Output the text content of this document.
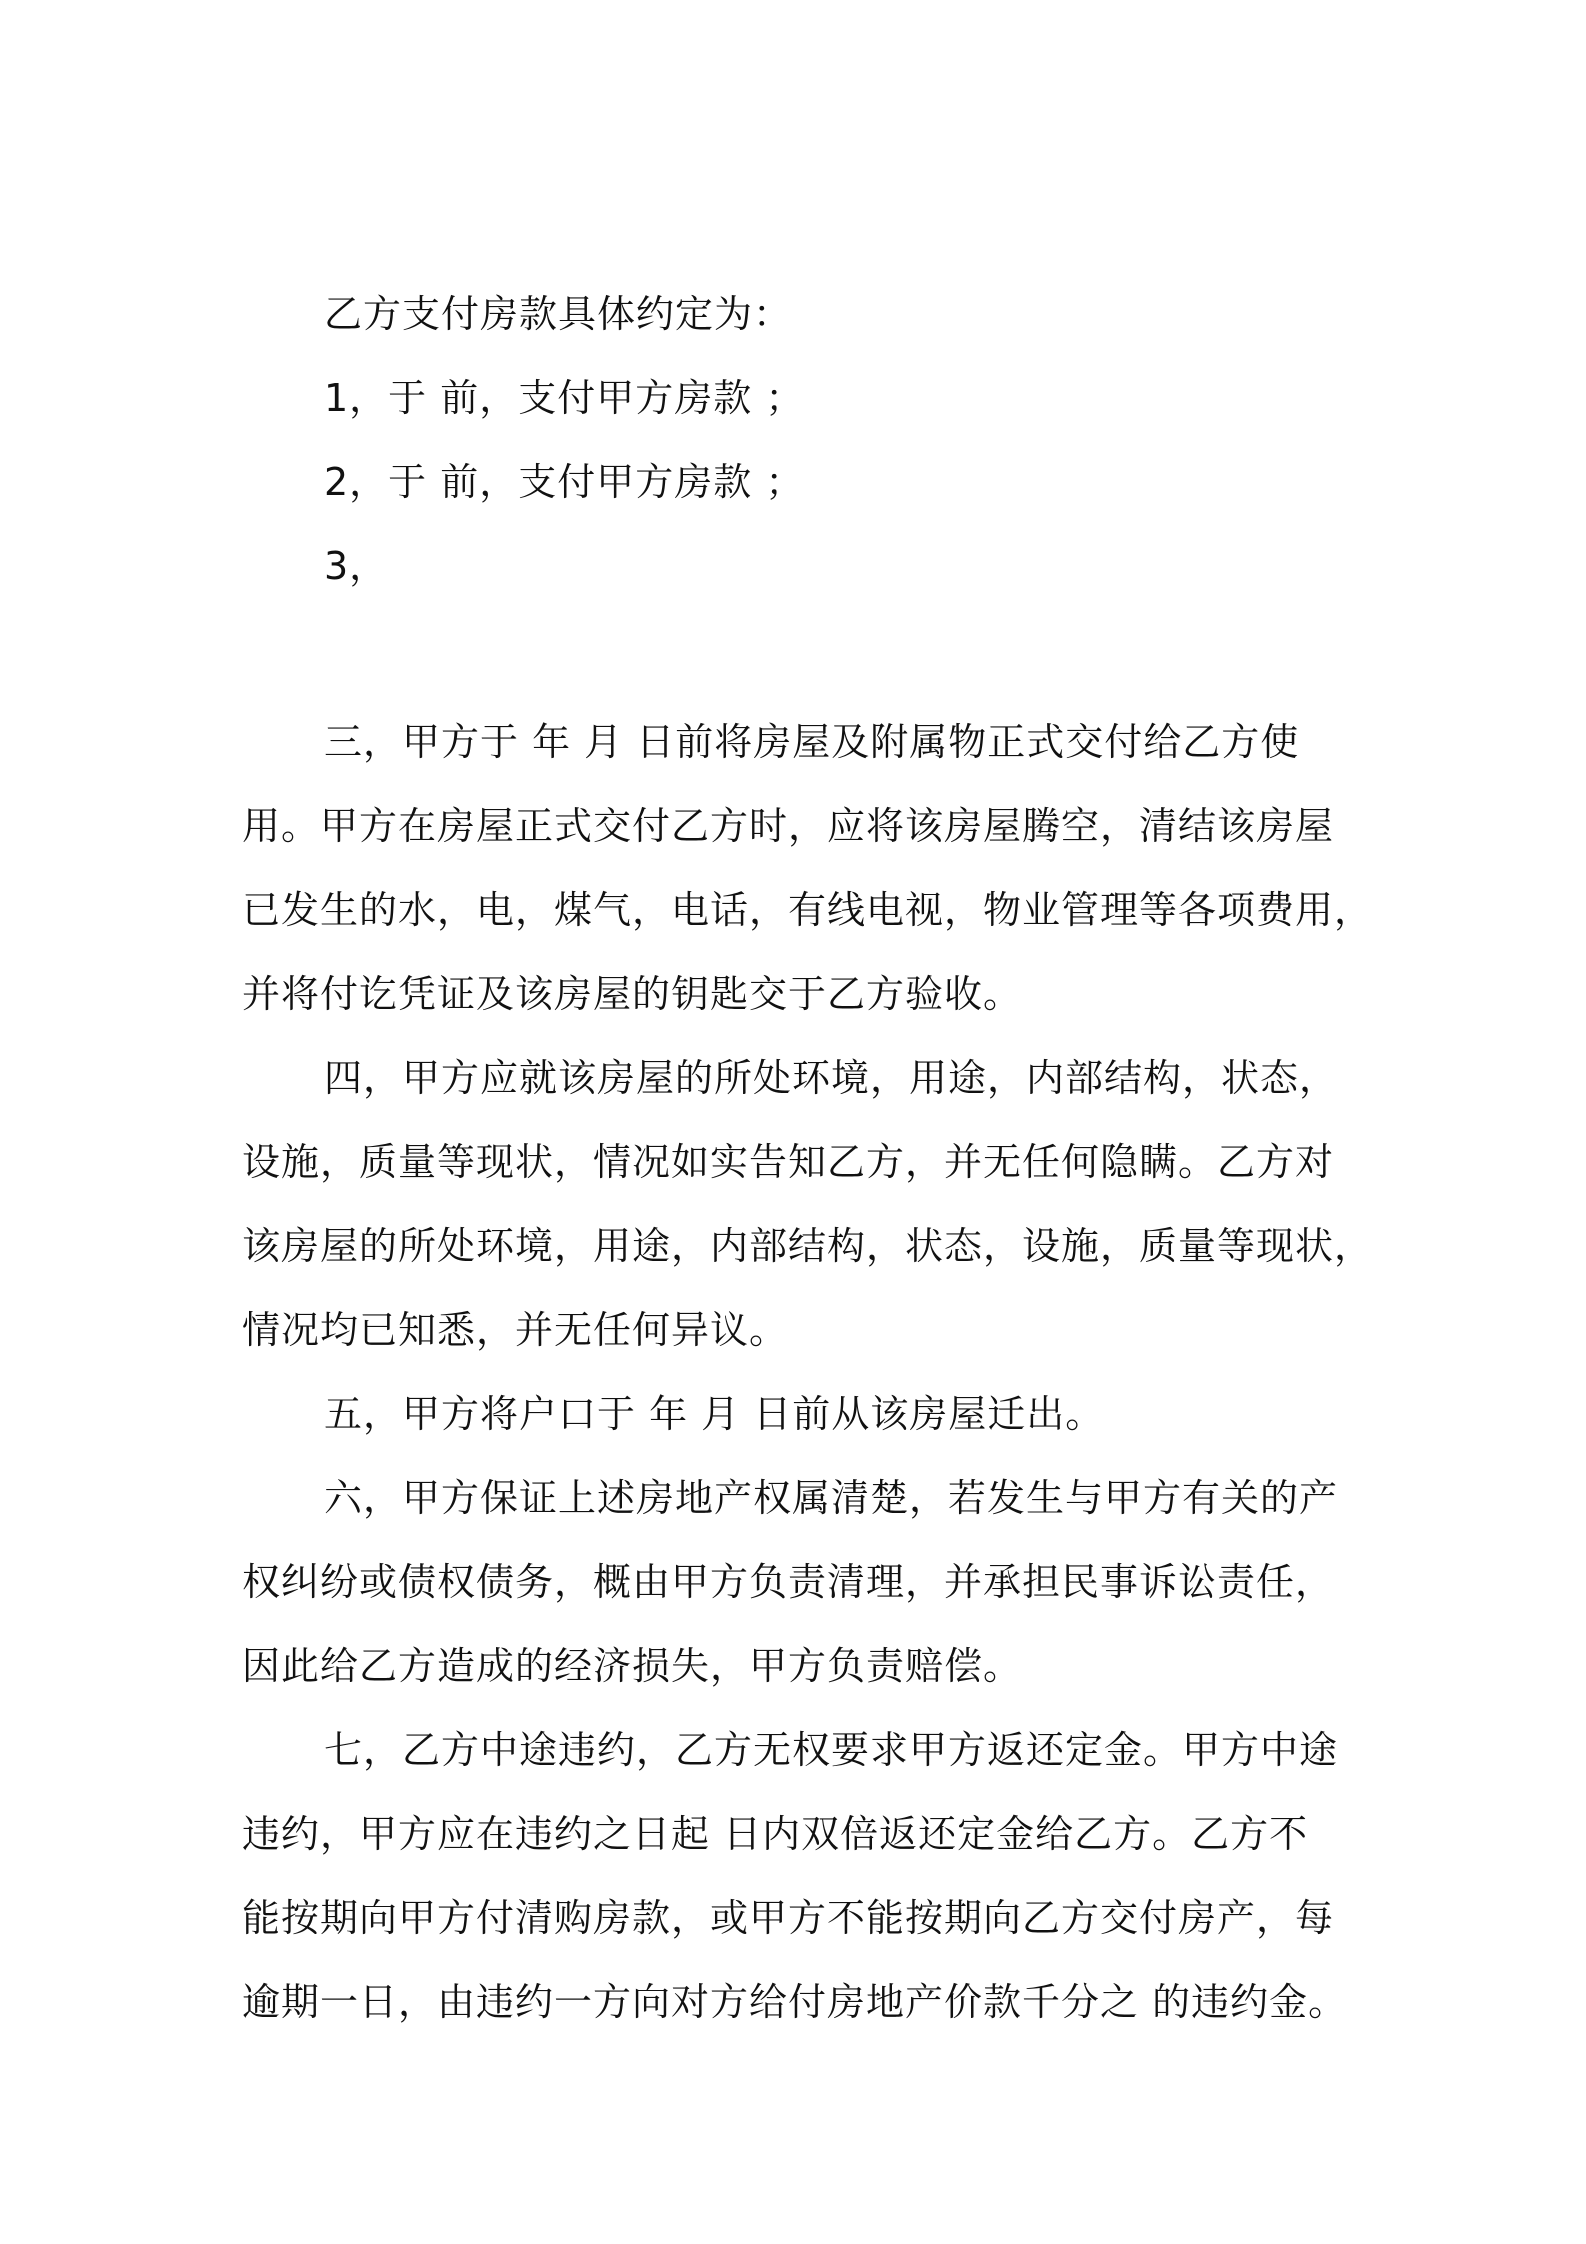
乙方支付房款具体约定为：
1，于 前，支付甲方房款 ；
2，于 前，支付甲方房款 ；
3，
三，甲方于 年 月 日前将房屋及附属物正式交付给乙方使
用。甲方在房屋正式交付乙方时，应将该房屋腾空，清结该房屋
已发生的水，电，煤气，电话，有线电视，物业管理等各项费用，
并将付讫凭证及该房屋的钥匙交于乙方验收。
四，甲方应就该房屋的所处环境，用途，内部结构，状态，
设施，质量等现状，情况如实告知乙方，并无任何隐瞒。乙方对
该房屋的所处环境，用途，内部结构，状态，设施，质量等现状，
情况均已知悉，并无任何异议。
五，甲方将户口于 年 月 日前从该房屋迁出。
六，甲方保证上述房地产权属清楚，若发生与甲方有关的产
权纠纷或债权债务，概由甲方负责清理，并承担民事诉讼责任，
因此给乙方造成的经济损失，甲方负责赔偿。
七，乙方中途违约，乙方无权要求甲方返还定金。甲方中途
违约，甲方应在违约之日起 日内双倍返还定金给乙方。乙方不
能按期向甲方付清购房款，或甲方不能按期向乙方交付房产，每
逾期一日，由违约一方向对方给付房地产价款千分之 的违约金。
